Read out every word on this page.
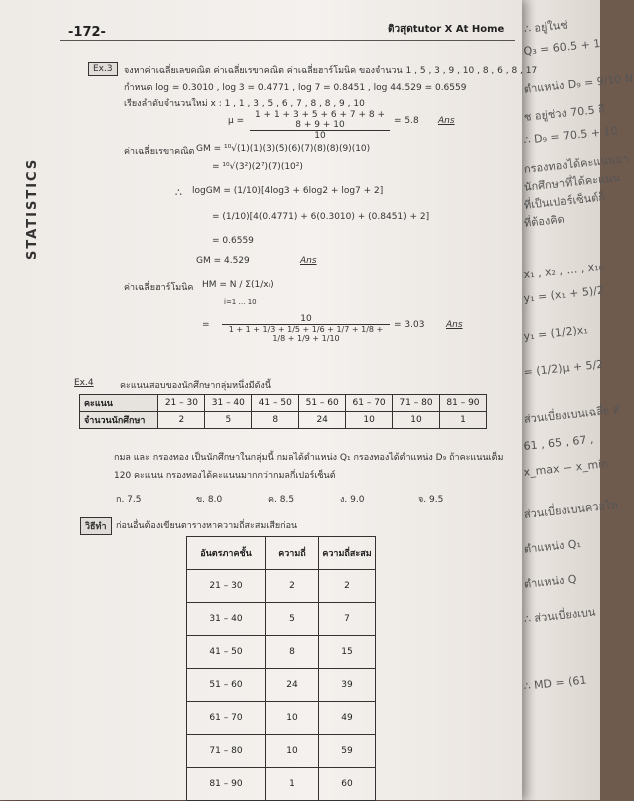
∴ อยู่ในช่
Q₃ = 60.5 + 1
ตำแหน่ง D₉ = 9/10 N
ช อยู่ช่วง 70.5 ถึ
∴ D₉ = 70.5 + 10
กรองทองได้คะแนนมา
นักศึกษาที่ได้คะแนน
ที่เป็นเปอร์เซ็นต์ก็
ที่ต้องคิด
x₁ , x₂ , … , x₁₀
y₁ = (x₁ + 5)/2
y₁ = (1/2)x₁
= (1/2)μ + 5/2
ส่วนเบี่ยงเบนเฉลี่ย ส่
61 , 65 , 67 ,
x_max − x_min
ส่วนเบี่ยงเบนควอไท
ตำแหน่ง Q₁
ตำแหน่ง Q
∴ ส่วนเบี่ยงเบน
∴ MD = (61
-172-	ติวสุดtutor X At Home
STATISTICS
Ex.3	จงหาค่าเฉลี่ยเลขคณิต ค่าเฉลี่ยเรขาคณิต ค่าเฉลี่ยฮาร์โมนิค ของจำนวน 1 , 5 , 3 , 9 , 10 , 8 , 6 , 8 , 17
กำหนด log = 0.3010 , log 3 = 0.4771 , log 7 = 0.8451 , log 44.529 = 0.6559
เรียงลำดับจำนวนใหม่ x : 1 , 1 , 3 , 5 , 6 , 7 , 8 , 8 , 9 , 10
$\mu = \frac{1 + 1 + 3 + 5 + 6 + 7 + 8 + 8 + 9 + 10}{10} = 5.8$ Ans
ค่าเฉลี่ยเรขาคณิต GM = ¹⁰√(1)(1)(3)(5)(6)(7)(8)(8)(9)(10)
= ¹⁰√(3²)(2⁷)(7)(10²)
∴ logGM = (1/10)[4log3 + 6log2 + log7 + 2]
= (1/10)[4(0.4771) + 6(0.3010) + (0.8451) + 2]
= 0.6559
GM = 4.529	Ans
ค่าเฉลี่ยฮาร์โมนิค HM = N / Σ(1/xᵢ)
i=1 … 10
$\frac{10}{1 + 1 + 1/3 + 1/5 + 1/6 + 1/7 + 1/8 + 1/8 + 1/9 + 1/10}$
=	= 3.03 Ans
Ex.4	คะแนนสอบของนักศึกษากลุ่มหนึ่งมีดังนี้
คะแนน	21 – 30	31 – 40	41 – 50	51 – 60	61 – 70	71 – 80	81 – 90
จำนวนนักศึกษา	2	5	8	24	10	10	1
กมล และ กรองทอง เป็นนักศึกษาในกลุ่มนี้ กมลได้ตำแหน่ง Q₁ กรองทองได้ตำแหน่ง D₉ ถ้าคะแนนเต็ม
120 คะแนน กรองทองได้คะแนนมากกว่ากมลกี่เปอร์เซ็นต์
ก. 7.5	ข. 8.0	ค. 8.5	ง. 9.0	จ. 9.5
วิธีทำ	ก่อนอื่นต้องเขียนตารางหาความถี่สะสมเสียก่อน
อันตรภาคชั้น	ความถี่	ความถี่สะสม
21 – 30	2	2
31 – 40	5	7
41 – 50	8	15
51 – 60	24	39
61 – 70	10	49
71 – 80	10	59
81 – 90	1	60
